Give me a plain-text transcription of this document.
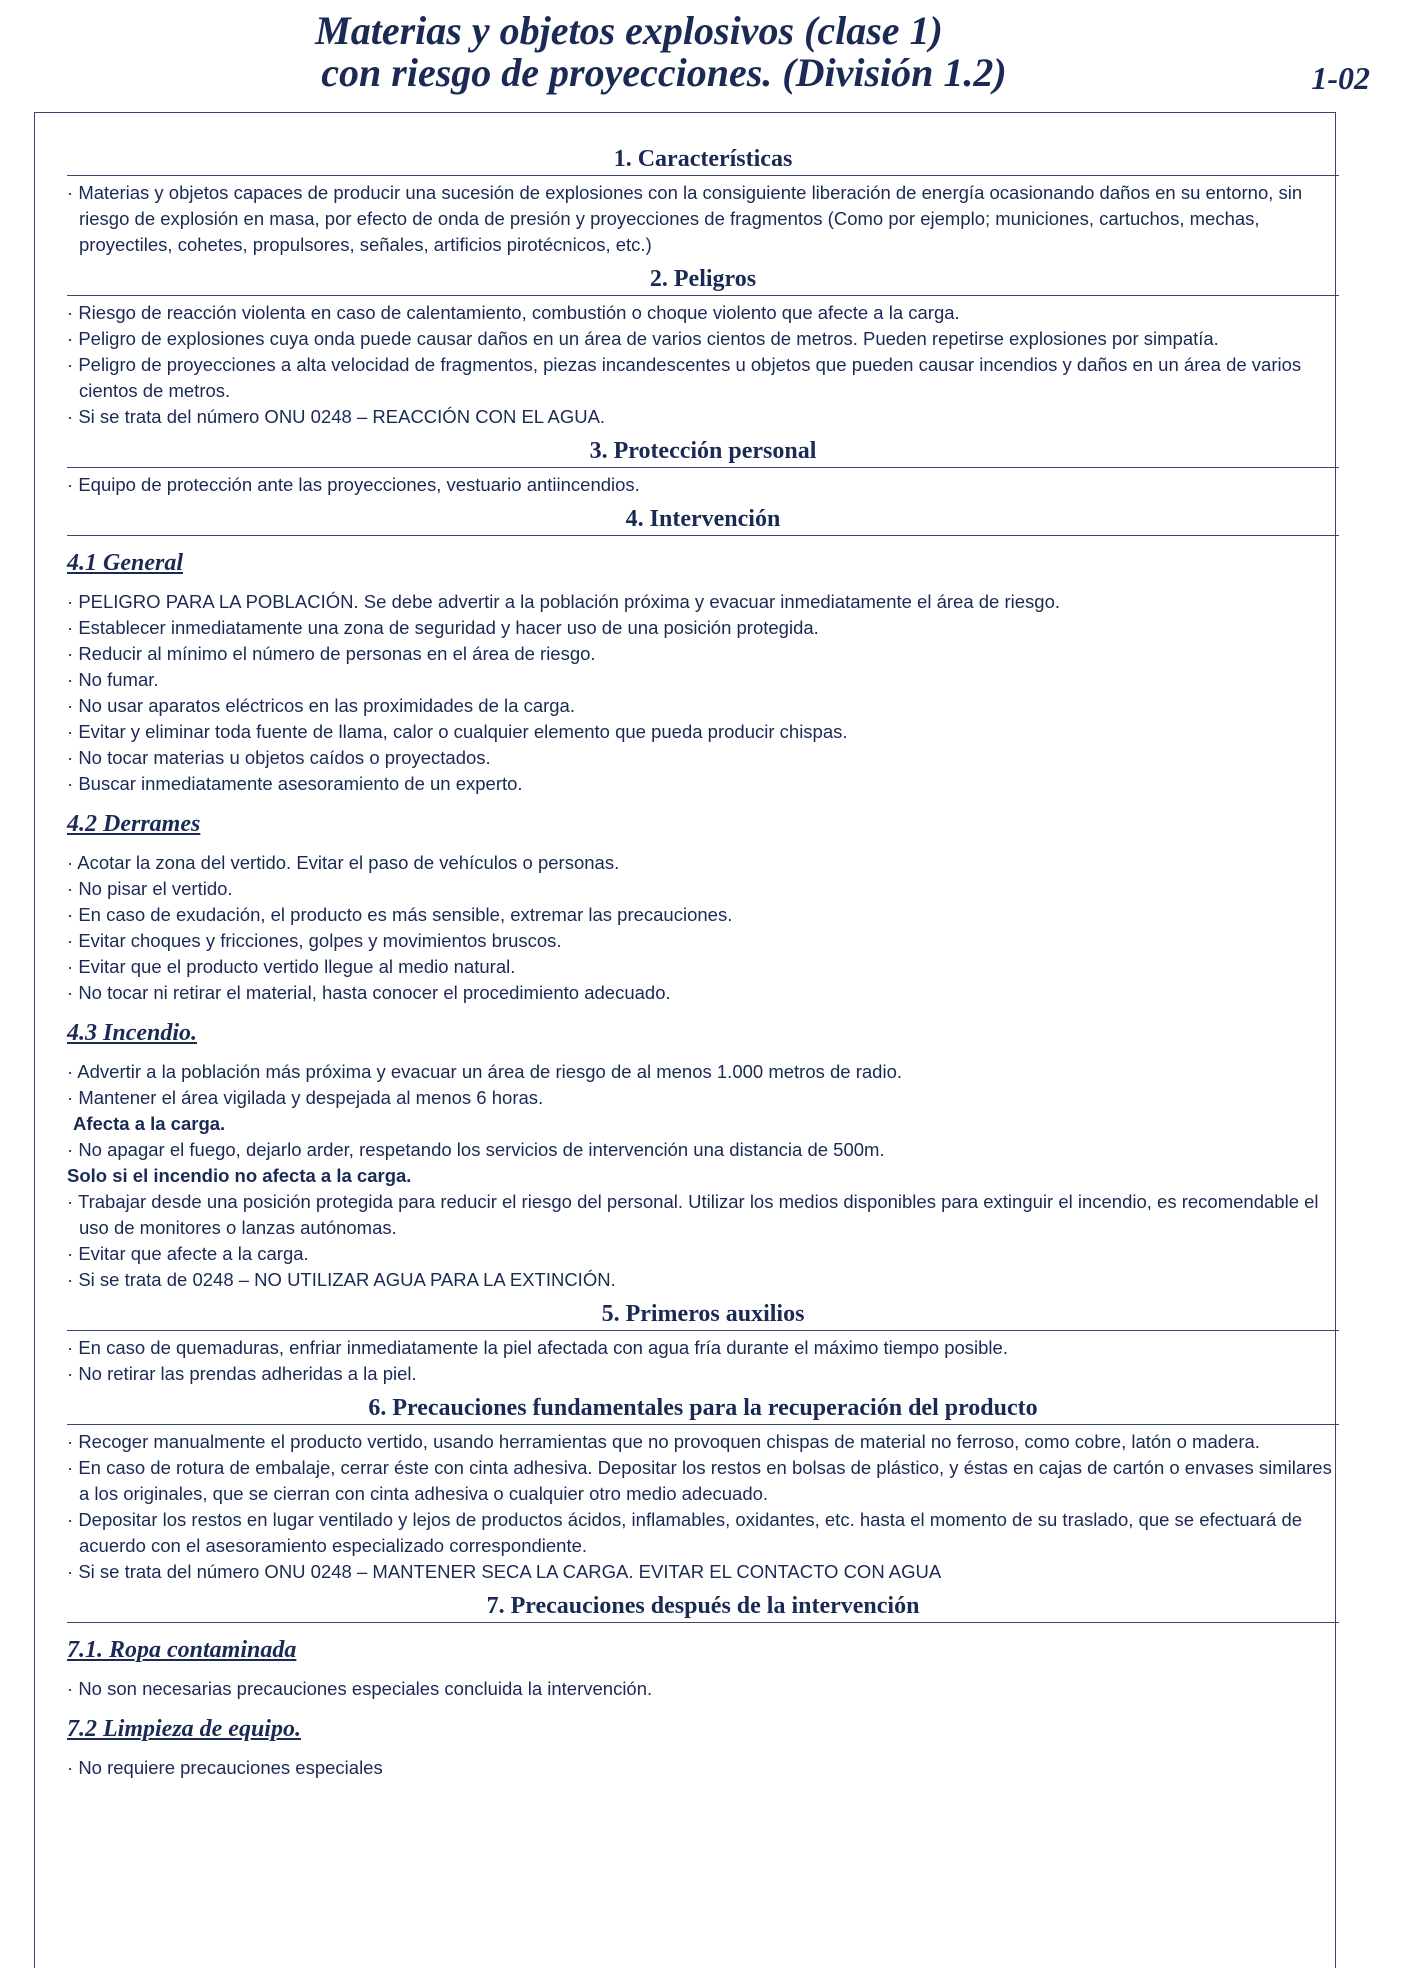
Materias y objetos explosivos (clase 1)
con riesgo de proyecciones. (División 1.2)	1-02
1. Características
· Materias y objetos capaces de producir una sucesión de explosiones con la consiguiente liberación de energía ocasionando daños en su entorno, sin riesgo de explosión en masa, por efecto de onda de presión y proyecciones de fragmentos (Como por ejemplo; municiones, cartuchos, mechas, proyectiles, cohetes, propulsores, señales, artificios pirotécnicos, etc.)
2. Peligros
· Riesgo de reacción violenta en caso de calentamiento, combustión o choque violento que afecte a la carga.
· Peligro de explosiones cuya onda puede causar daños en un área de varios cientos de metros. Pueden repetirse explosiones por simpatía.
· Peligro de proyecciones a alta velocidad de fragmentos, piezas incandescentes u objetos que pueden causar incendios y daños en un área de varios cientos de metros.
· Si se trata del número ONU 0248 – REACCIÓN CON EL AGUA.
3. Protección personal
· Equipo de protección ante las proyecciones, vestuario antiincendios.
4. Intervención
4.1 General
· PELIGRO PARA LA POBLACIÓN. Se debe advertir a la población próxima y evacuar inmediatamente el área de riesgo.
· Establecer inmediatamente una zona de seguridad y hacer uso de una posición protegida.
· Reducir al mínimo el número de personas en el área de riesgo.
· No fumar.
· No usar aparatos eléctricos en las proximidades de la carga.
· Evitar y eliminar toda fuente de llama, calor o cualquier elemento que pueda producir chispas.
· No tocar materias u objetos caídos o proyectados.
· Buscar inmediatamente asesoramiento de un experto.
4.2 Derrames
· Acotar la zona del vertido. Evitar el paso de vehículos o personas.
· No pisar el vertido.
· En caso de exudación, el producto es más sensible, extremar las precauciones.
· Evitar choques y fricciones, golpes y movimientos bruscos.
· Evitar que el producto vertido llegue al medio natural.
· No tocar ni retirar el material, hasta conocer el procedimiento adecuado.
4.3 Incendio.
· Advertir a la población más próxima y evacuar un área de riesgo de al menos 1.000 metros de radio.
· Mantener el área vigilada y despejada al menos 6 horas.
Afecta a la carga.
· No apagar el fuego, dejarlo arder, respetando los servicios de intervención una distancia de 500m.
Solo si el incendio no afecta a la carga.
· Trabajar desde una posición protegida para reducir el riesgo del personal. Utilizar los medios disponibles para extinguir el incendio, es recomendable el uso de monitores o lanzas autónomas.
· Evitar que afecte a la carga.
· Si se trata de 0248 – NO UTILIZAR AGUA PARA LA EXTINCIÓN.
5. Primeros auxilios
· En caso de quemaduras, enfriar inmediatamente la piel afectada con agua fría durante el máximo tiempo posible.
· No retirar las prendas adheridas a la piel.
6. Precauciones fundamentales para la recuperación del producto
· Recoger manualmente el producto vertido, usando herramientas que no provoquen chispas de material no ferroso, como cobre, latón o madera.
· En caso de rotura de embalaje, cerrar éste con cinta adhesiva. Depositar los restos en bolsas de plástico, y éstas en cajas de cartón o envases similares a los originales, que se cierran con cinta adhesiva o cualquier otro medio adecuado.
· Depositar los restos en lugar ventilado y lejos de productos ácidos, inflamables, oxidantes, etc. hasta el momento de su traslado, que se efectuará de acuerdo con el asesoramiento especializado correspondiente.
· Si se trata del número ONU 0248 – MANTENER SECA LA CARGA. EVITAR EL CONTACTO CON AGUA
7. Precauciones después de la intervención
7.1. Ropa contaminada
· No son necesarias precauciones especiales concluida la intervención.
7.2 Limpieza de equipo.
· No requiere precauciones especiales
